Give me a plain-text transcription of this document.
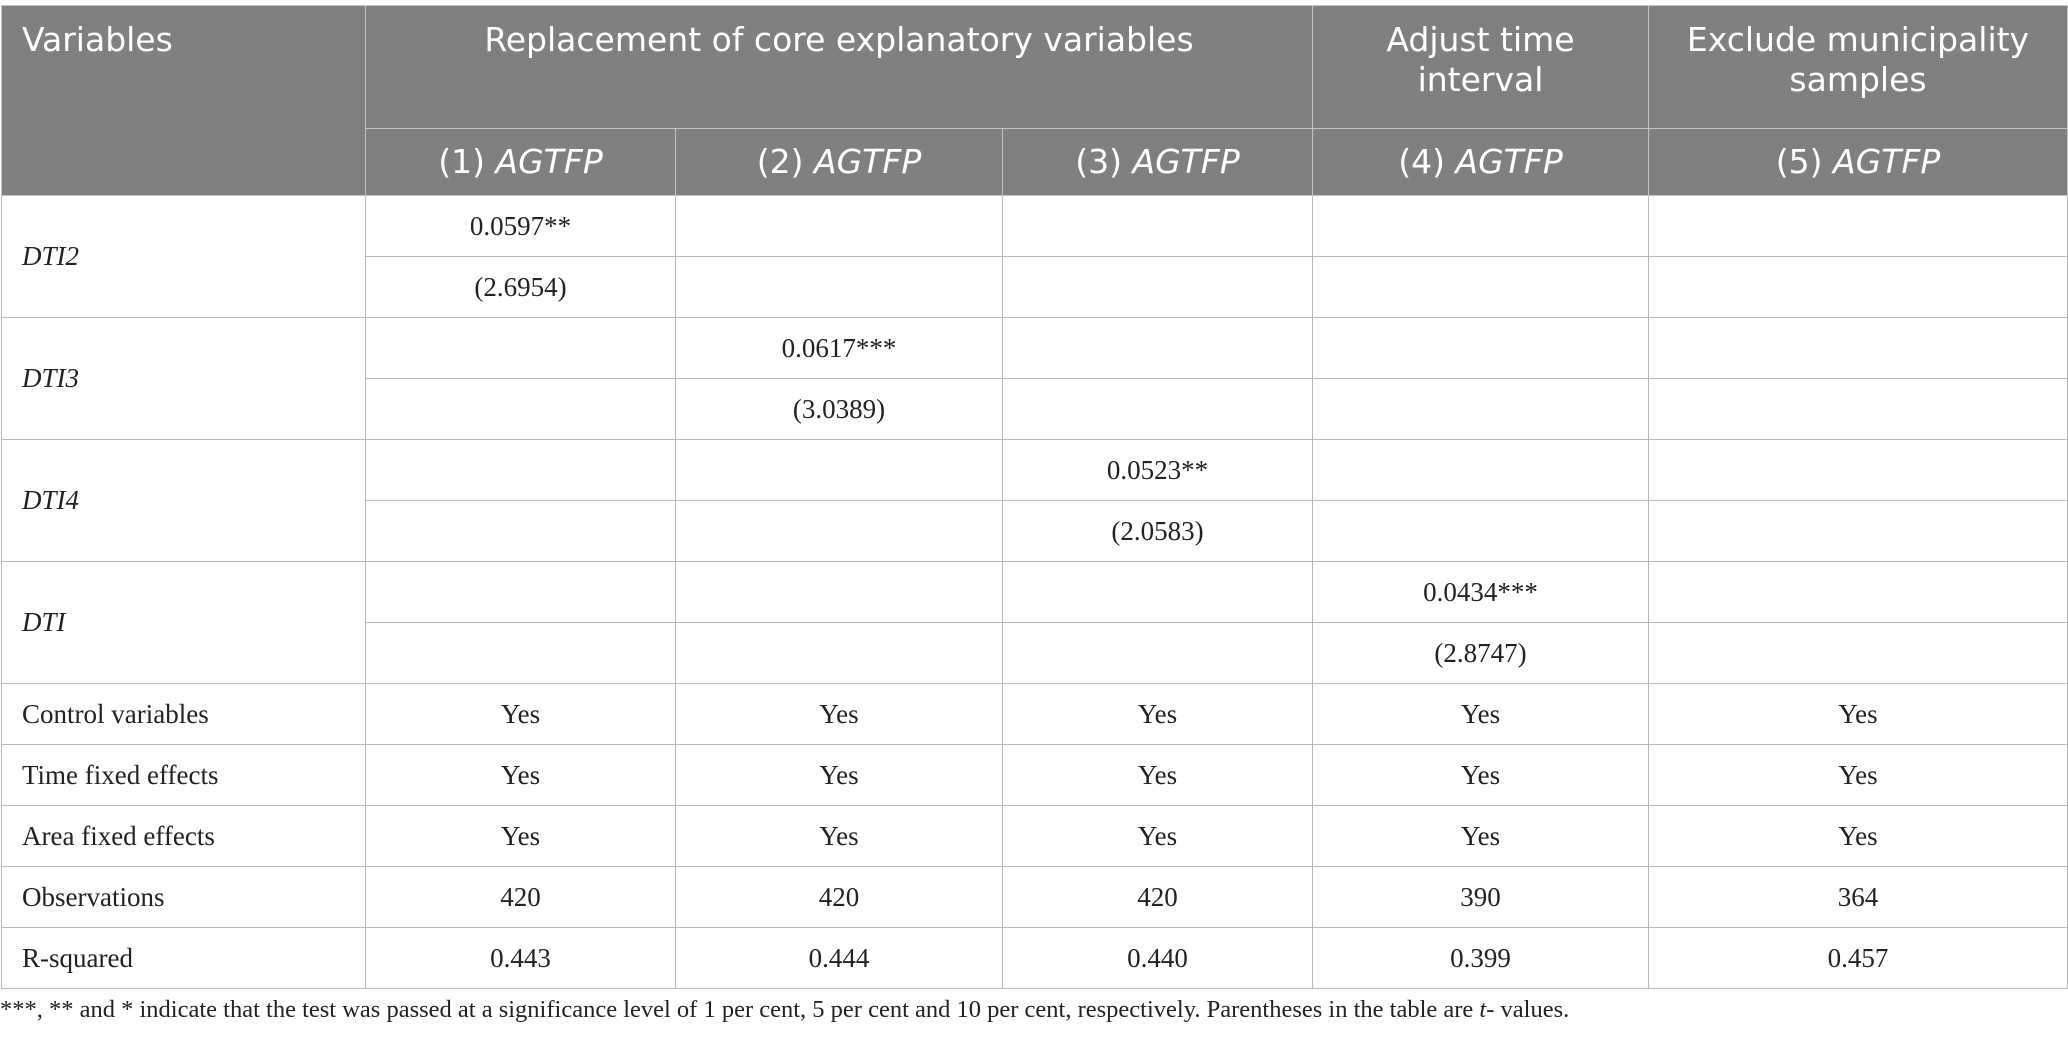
Variables	Replacement of core explanatory variables			Adjust time interval	Exclude municipality samples
	(1) AGTFP	(2) AGTFP	(3) AGTFP	(4) AGTFP	(5) AGTFP
DTI2	0.0597**				
	(2.6954)				
DTI3		0.0617***			
		(3.0389)			
DTI4			0.0523**		
			(2.0583)		
DTI				0.0434***	
				(2.8747)	
Control variables	Yes	Yes	Yes	Yes	Yes
Time fixed effects	Yes	Yes	Yes	Yes	Yes
Area fixed effects	Yes	Yes	Yes	Yes	Yes
Observations	420	420	420	390	364
R-squared	0.443	0.444	0.440	0.399	0.457
***, ** and * indicate that the test was passed at a significance level of 1 per cent, 5 per cent and 10 per cent, respectively. Parentheses in the table are t- values.
